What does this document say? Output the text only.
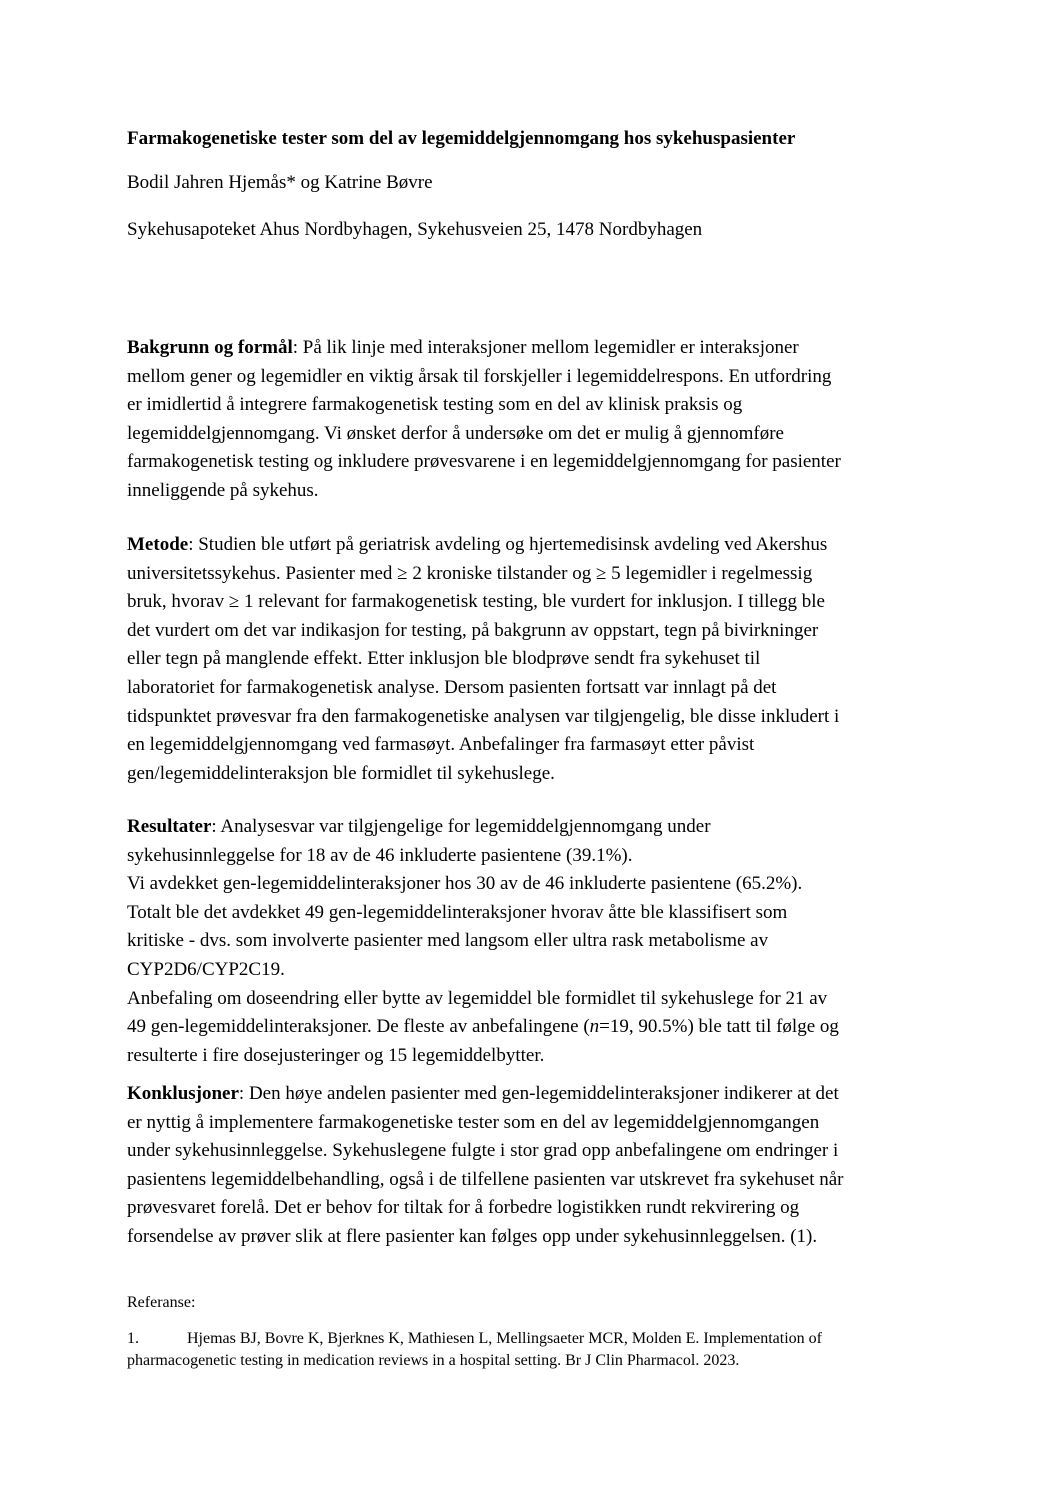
Farmakogenetiske tester som del av legemiddelgjennomgang hos sykehuspasienter
Bodil Jahren Hjemås* og Katrine Bøvre
Sykehusapoteket Ahus Nordbyhagen, Sykehusveien 25, 1478 Nordbyhagen

Bakgrunn og formål: På lik linje med interaksjoner mellom legemidler er interaksjoner
mellom gener og legemidler en viktig årsak til forskjeller i legemiddelrespons. En utfordring
er imidlertid å integrere farmakogenetisk testing som en del av klinisk praksis og
legemiddelgjennomgang. Vi ønsket derfor å undersøke om det er mulig å gjennomføre
farmakogenetisk testing og inkludere prøvesvarene i en legemiddelgjennomgang for pasienter
inneliggende på sykehus.

Metode: Studien ble utført på geriatrisk avdeling og hjertemedisinsk avdeling ved Akershus
universitetssykehus. Pasienter med ≥ 2 kroniske tilstander og ≥ 5 legemidler i regelmessig
bruk, hvorav ≥ 1 relevant for farmakogenetisk testing, ble vurdert for inklusjon. I tillegg ble
det vurdert om det var indikasjon for testing, på bakgrunn av oppstart, tegn på bivirkninger
eller tegn på manglende effekt. Etter inklusjon ble blodprøve sendt fra sykehuset til
laboratoriet for farmakogenetisk analyse. Dersom pasienten fortsatt var innlagt på det
tidspunktet prøvesvar fra den farmakogenetiske analysen var tilgjengelig, ble disse inkludert i
en legemiddelgjennomgang ved farmasøyt. Anbefalinger fra farmasøyt etter påvist
gen/legemiddelinteraksjon ble formidlet til sykehuslege.

Resultater: Analysesvar var tilgjengelige for legemiddelgjennomgang under
sykehusinnleggelse for 18 av de 46 inkluderte pasientene (39.1%).
Vi avdekket gen-legemiddelinteraksjoner hos 30 av de 46 inkluderte pasientene (65.2%).
Totalt ble det avdekket 49 gen-legemiddelinteraksjoner hvorav åtte ble klassifisert som
kritiske - dvs. som involverte pasienter med langsom eller ultra rask metabolisme av
CYP2D6/CYP2C19.
Anbefaling om doseendring eller bytte av legemiddel ble formidlet til sykehuslege for 21 av
49 gen-legemiddelinteraksjoner. De fleste av anbefalingene (n=19, 90.5%) ble tatt til følge og
resulterte i fire dosejusteringer og 15 legemiddelbytter.

Konklusjoner: Den høye andelen pasienter med gen-legemiddelinteraksjoner indikerer at det
er nyttig å implementere farmakogenetiske tester som en del av legemiddelgjennomgangen
under sykehusinnleggelse. Sykehuslegene fulgte i stor grad opp anbefalingene om endringer i
pasientens legemiddelbehandling, også i de tilfellene pasienten var utskrevet fra sykehuset når
prøvesvaret forelå. Det er behov for tiltak for å forbedre logistikken rundt rekvirering og
forsendelse av prøver slik at flere pasienter kan følges opp under sykehusinnleggelsen. (1).

Referanse:
1.	Hjemas BJ, Bovre K, Bjerknes K, Mathiesen L, Mellingsaeter MCR, Molden E. Implementation of
pharmacogenetic testing in medication reviews in a hospital setting. Br J Clin Pharmacol. 2023.
